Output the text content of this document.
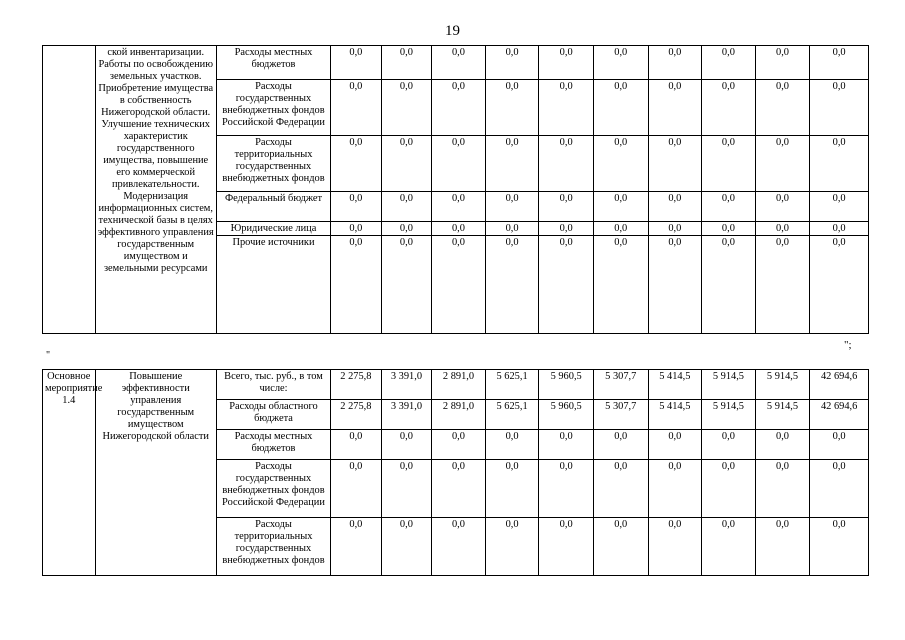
19
	ской инвентаризации. Работы по освобождению земельных участков. Приобретение имущества в собственность Нижегородской области. Улучшение технических характеристик государственного имущества, повышение его коммерческой привлекательности. Модернизация информационных систем, технической базы в целях эффективного управления государственным имуществом и земельными ресурсами	Расходы местных бюджетов	0,0	0,0	0,0	0,0	0,0	0,0	0,0	0,0	0,0	0,0
		Расходы государственных внебюджетных фондов Российской Федерации	0,0	0,0	0,0	0,0	0,0	0,0	0,0	0,0	0,0	0,0
		Расходы территориальных государственных внебюджетных фондов	0,0	0,0	0,0	0,0	0,0	0,0	0,0	0,0	0,0	0,0
		Федеральный бюджет	0,0	0,0	0,0	0,0	0,0	0,0	0,0	0,0	0,0	0,0
		Юридические лица	0,0	0,0	0,0	0,0	0,0	0,0	0,0	0,0	0,0	0,0
		Прочие источники	0,0	0,0	0,0	0,0	0,0	0,0	0,0	0,0	0,0	0,0
";
"
Основное мероприятие 1.4	Повышение эффективности управления государственным имуществом Нижегородской области	Всего, тыс. руб., в том числе:	2 275,8	3 391,0	2 891,0	5 625,1	5 960,5	5 307,7	5 414,5	5 914,5	5 914,5	42 694,6
		Расходы областного бюджета	2 275,8	3 391,0	2 891,0	5 625,1	5 960,5	5 307,7	5 414,5	5 914,5	5 914,5	42 694,6
		Расходы местных бюджетов	0,0	0,0	0,0	0,0	0,0	0,0	0,0	0,0	0,0	0,0
		Расходы государственных внебюджетных фондов Российской Федерации	0,0	0,0	0,0	0,0	0,0	0,0	0,0	0,0	0,0	0,0
		Расходы территориальных государственных внебюджетных фондов	0,0	0,0	0,0	0,0	0,0	0,0	0,0	0,0	0,0	0,0
